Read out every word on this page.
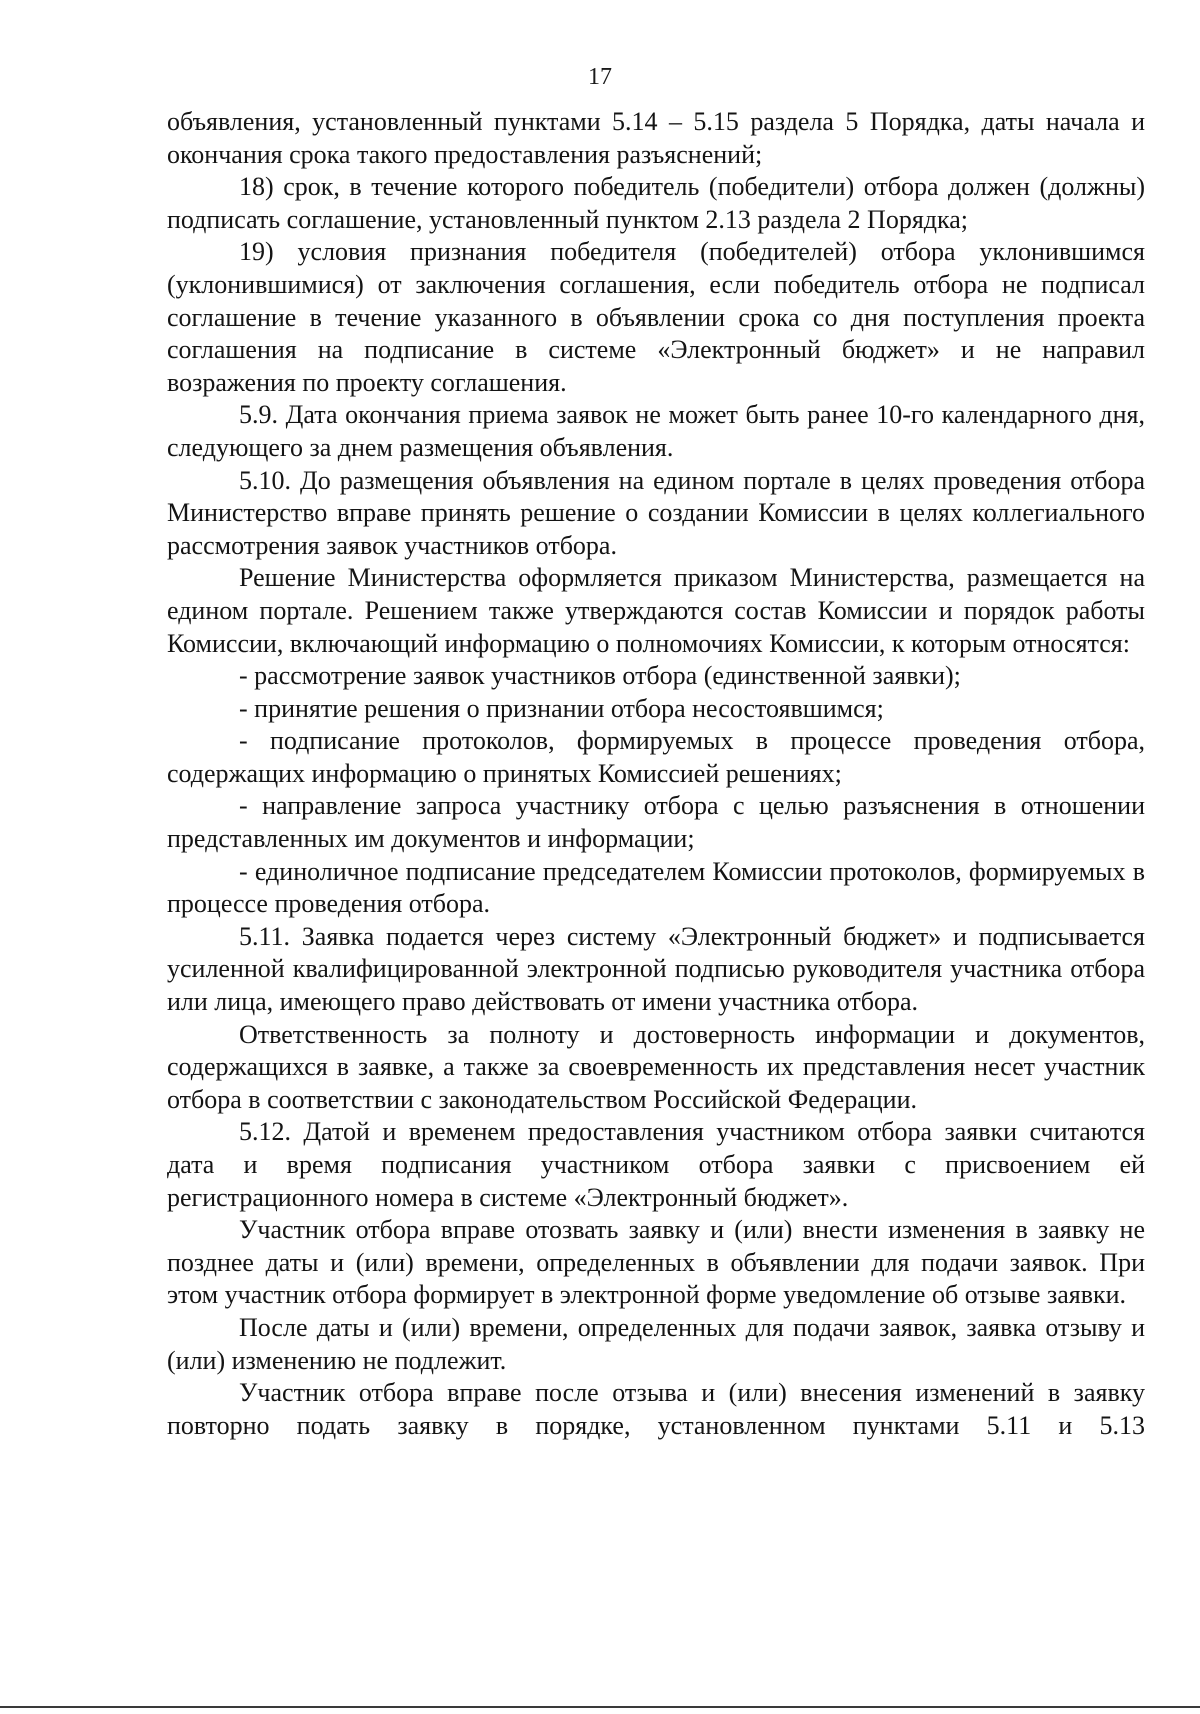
17

объявления, установленный пунктами 5.14 – 5.15 раздела 5 Порядка, даты начала и окончания срока такого предоставления разъяснений;

18) срок, в течение которого победитель (победители) отбора должен (должны) подписать соглашение, установленный пунктом 2.13 раздела 2 Порядка;

19) условия признания победителя (победителей) отбора уклонившимся (уклонившимися) от заключения соглашения, если победитель отбора не подписал соглашение в течение указанного в объявлении срока со дня поступления проекта соглашения на подписание в системе «Электронный бюджет» и не направил возражения по проекту соглашения.

5.9. Дата окончания приема заявок не может быть ранее 10-го календарного дня, следующего за днем размещения объявления.

5.10. До размещения объявления на едином портале в целях проведения отбора Министерство вправе принять решение о создании Комиссии в целях коллегиального рассмотрения заявок участников отбора.

Решение Министерства оформляется приказом Министерства, размещается на едином портале. Решением также утверждаются состав Комиссии и порядок работы Комиссии, включающий информацию о полномочиях Комиссии, к которым относятся:

- рассмотрение заявок участников отбора (единственной заявки);

- принятие решения о признании отбора несостоявшимся;

- подписание протоколов, формируемых в процессе проведения отбора, содержащих информацию о принятых Комиссией решениях;

- направление запроса участнику отбора с целью разъяснения в отношении представленных им документов и информации;

- единоличное подписание председателем Комиссии протоколов, формируемых в процессе проведения отбора.

5.11. Заявка подается через систему «Электронный бюджет» и подписывается усиленной квалифицированной электронной подписью руководителя участника отбора или лица, имеющего право действовать от имени участника отбора.

Ответственность за полноту и достоверность информации и документов, содержащихся в заявке, а также за своевременность их представления несет участник отбора в соответствии с законодательством Российской Федерации.

5.12. Датой и временем предоставления участником отбора заявки считаются дата и время подписания участником отбора заявки с присвоением ей регистрационного номера в системе «Электронный бюджет».

Участник отбора вправе отозвать заявку и (или) внести изменения в заявку не позднее даты и (или) времени, определенных в объявлении для подачи заявок. При этом участник отбора формирует в электронной форме уведомление об отзыве заявки.

После даты и (или) времени, определенных для подачи заявок, заявка отзыву и (или) изменению не подлежит.

Участник отбора вправе после отзыва и (или) внесения изменений в заявку повторно подать заявку в порядке, установленном пунктами 5.11 и 5.13
